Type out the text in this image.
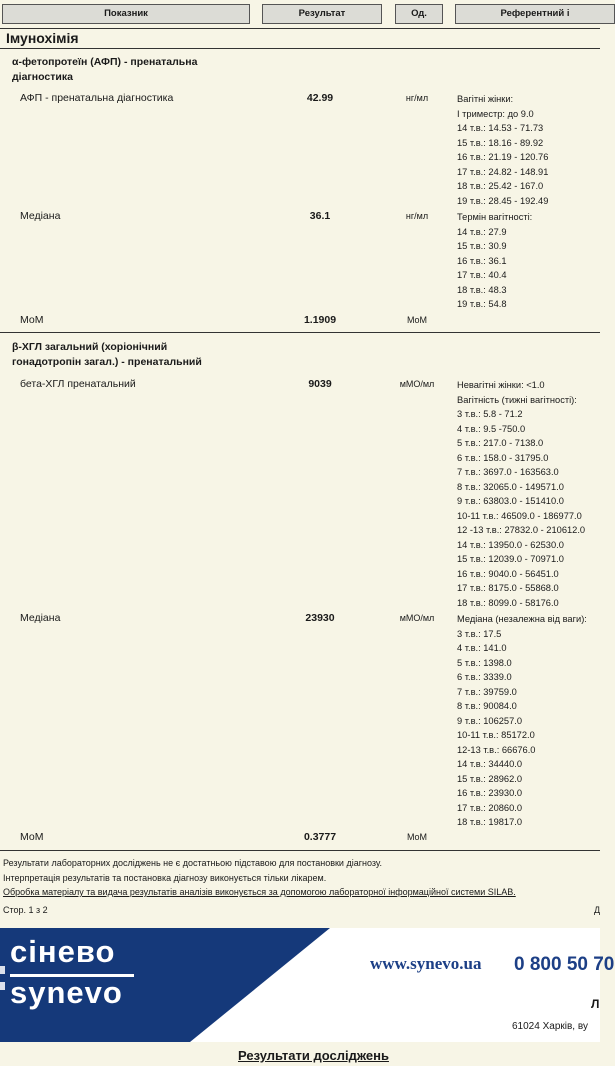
Показник	Результат	Од.	Референтний і
Імунохімія
α-фетопротеїн (АФП) - пренатальна діагностика
АФП - пренатальна діагностика	42.99	нг/мл	Вагітні жінки:
І триместр: до 9.0
14 т.в.: 14.53 - 71.73
15 т.в.: 18.16 - 89.92
16 т.в.: 21.19 - 120.76
17 т.в.: 24.82 - 148.91
18 т.в.: 25.42 - 167.0
19 т.в.: 28.45 - 192.49
Медіана	36.1	нг/мл	Термін вагітності:
14 т.в.: 27.9
15 т.в.: 30.9
16 т.в.: 36.1
17 т.в.: 40.4
18 т.в.: 48.3
19 т.в.: 54.8
МоМ	1.1909	МоМ
β-ХГЛ загальний (хоріонічний гонадотропін загал.) - пренатальний
бета-ХГЛ пренатальний	9039	мМО/мл	Невагітні жінки: <1.0
Вагітність (тижні вагітності):
3 т.в.: 5.8 - 71.2
4 т.в.: 9.5 -750.0
5 т.в.: 217.0 - 7138.0
6 т.в.: 158.0 - 31795.0
7 т.в.: 3697.0 - 163563.0
8 т.в.: 32065.0 - 149571.0
9 т.в.: 63803.0 - 151410.0
10-11 т.в.: 46509.0 - 186977.0
12 -13 т.в.: 27832.0 - 210612.0
14 т.в.: 13950.0 - 62530.0
15 т.в.: 12039.0 - 70971.0
16 т.в.: 9040.0 - 56451.0
17 т.в.: 8175.0 - 55868.0
18 т.в.: 8099.0 - 58176.0
Медіана	23930	мМО/мл	Медіана (незалежна від ваги):
3 т.в.: 17.5
4 т.в.: 141.0
5 т.в.: 1398.0
6 т.в.: 3339.0
7 т.в.: 39759.0
8 т.в.: 90084.0
9 т.в.: 106257.0
10-11 т.в.: 85172.0
12-13 т.в.: 66676.0
14 т.в.: 34440.0
15 т.в.: 28962.0
16 т.в.: 23930.0
17 т.в.: 20860.0
18 т.в.: 19817.0
МоМ	0.3777	МоМ
Результати лабораторних досліджень не є достатньою підставою для постановки діагнозу.
Інтерпретація результатів та постановка діагнозу виконується тільки лікарем.
Обробка матеріалу та видача результатів аналізів виконується за допомогою лабораторної інформаційної системи SILAB.
Стор. 1 з 2	Д
сінево
synevo
www.synevo.ua 0 800 50 70
Л
61024 Харків, ву
Результати досліджень
